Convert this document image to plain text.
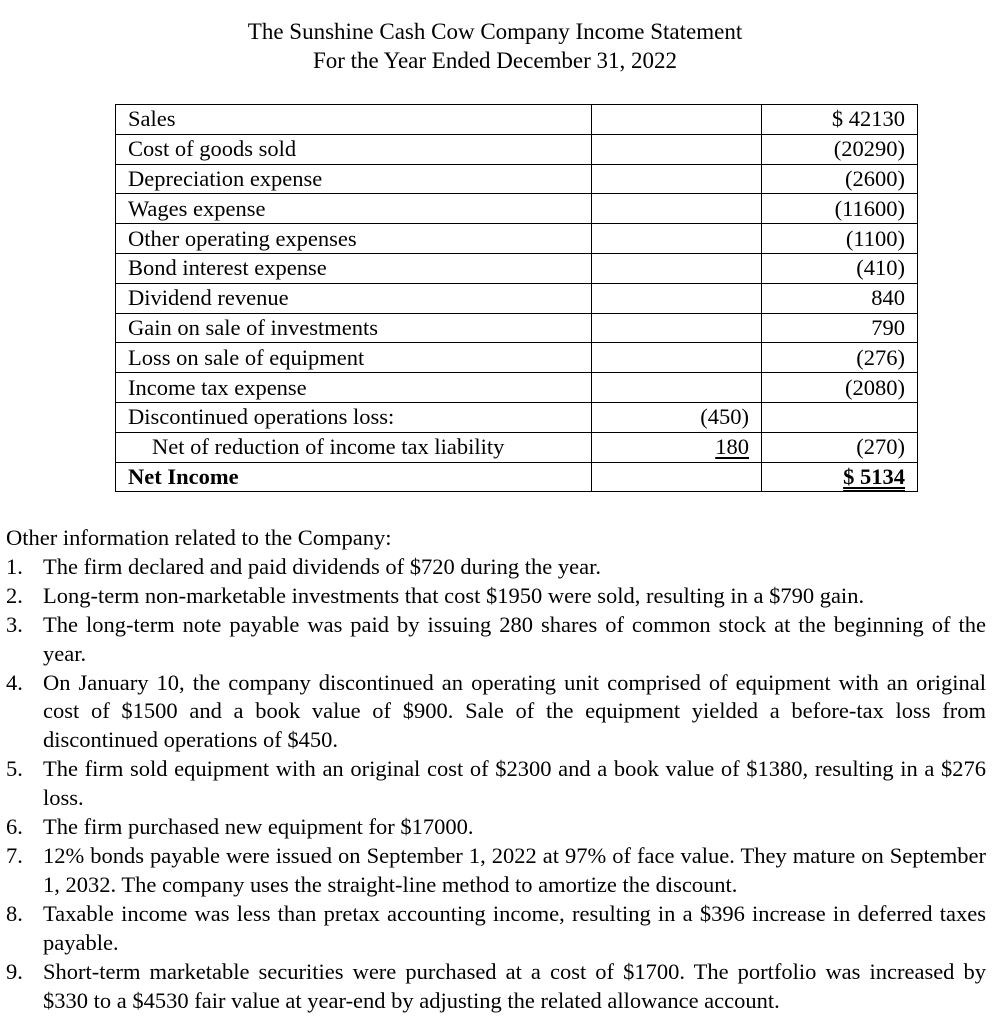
The Sunshine Cash Cow Company Income Statement
For the Year Ended December 31, 2022
Sales		$ 42130
Cost of goods sold		(20290)
Depreciation expense		(2600)
Wages expense		(11600)
Other operating expenses		(1100)
Bond interest expense		(410)
Dividend revenue		840
Gain on sale of investments		790
Loss on sale of equipment		(276)
Income tax expense		(2080)
Discontinued operations loss:	(450)	
Net of reduction of income tax liability	180	(270)
Net Income		$ 5134

Other information related to the Company:

1. The firm declared and paid dividends of $720 during the year.
2. Long-term non-marketable investments that cost $1950 were sold, resulting in a $790 gain.
3. The long-term note payable was paid by issuing 280 shares of common stock at the beginning of the year.
4. On January 10, the company discontinued an operating unit comprised of equipment with an original cost of $1500 and a book value of $900. Sale of the equipment yielded a before-tax loss from discontinued operations of $450.
5. The firm sold equipment with an original cost of $2300 and a book value of $1380, resulting in a $276 loss.
6. The firm purchased new equipment for $17000.
7. 12% bonds payable were issued on September 1, 2022 at 97% of face value. They mature on September 1, 2032. The company uses the straight-line method to amortize the discount.
8. Taxable income was less than pretax accounting income, resulting in a $396 increase in deferred taxes payable.
9. Short-term marketable securities were purchased at a cost of $1700. The portfolio was increased by $330 to a $4530 fair value at year-end by adjusting the related allowance account.
